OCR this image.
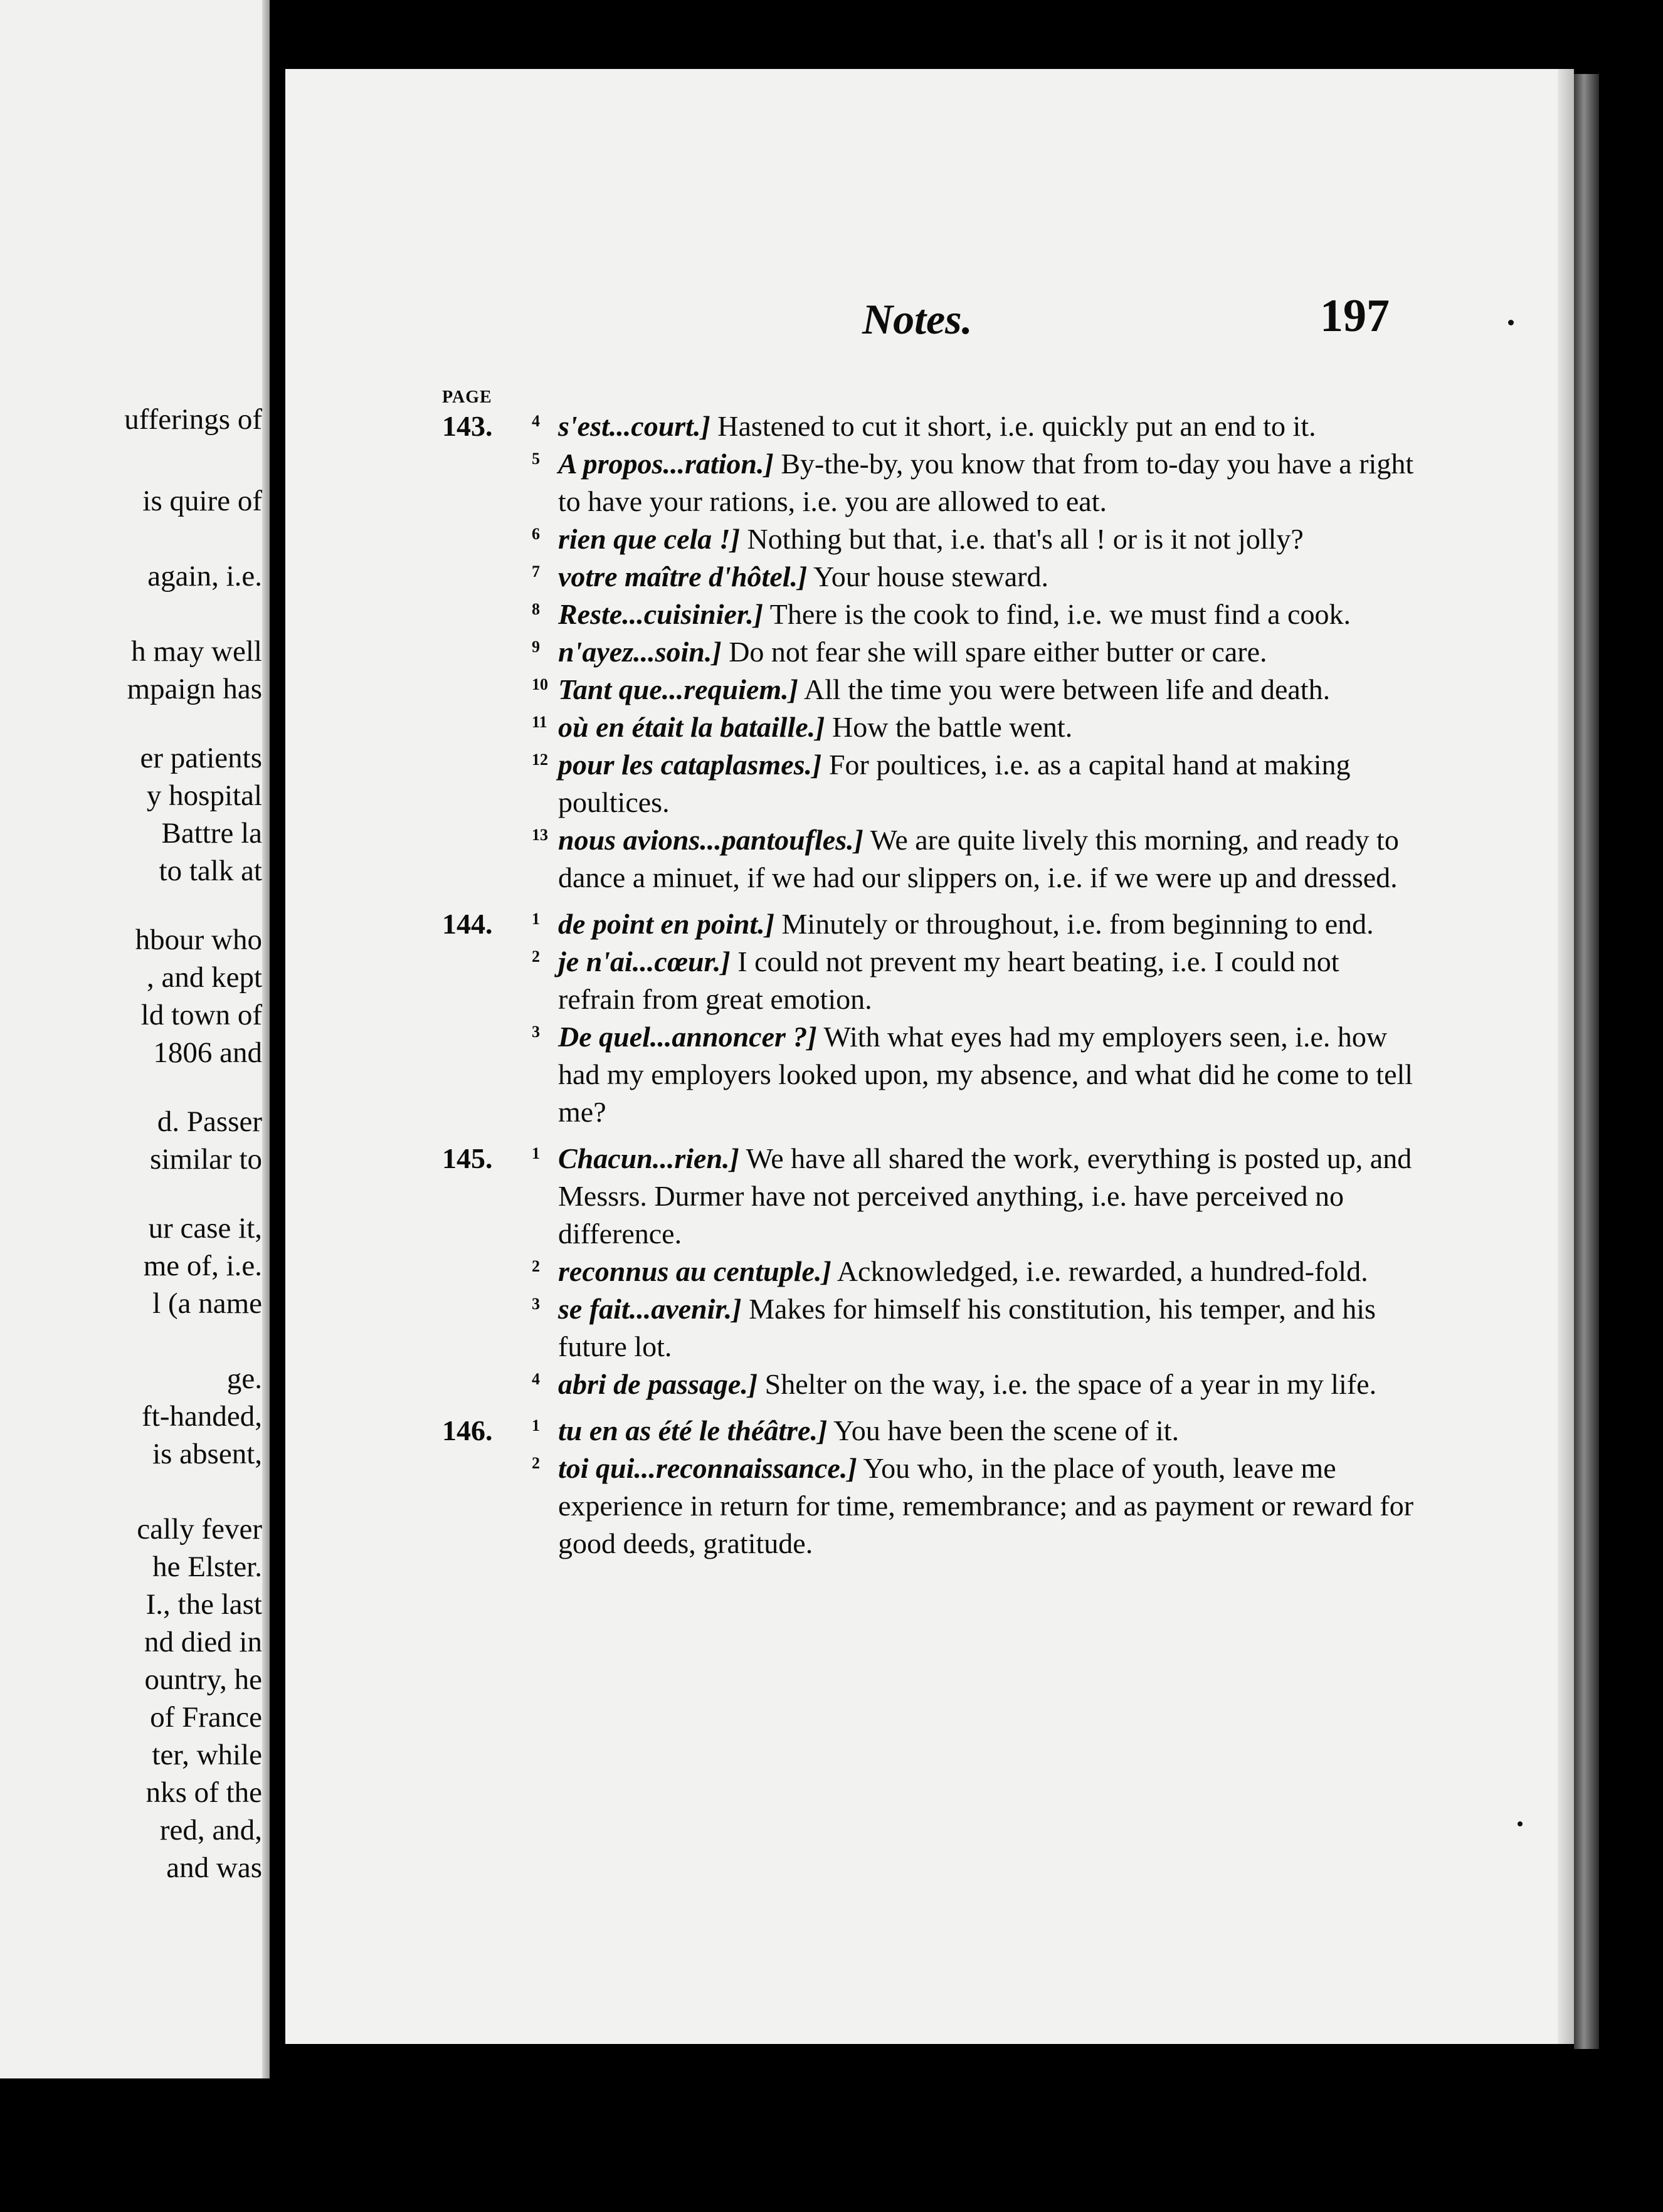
ufferings of
is quire of
again, i.e.
h may well
mpaign has
er patients
y hospital
Battre la
to talk at
hbour who
, and kept
ld town of
1806 and
d. Passer
similar to
ur case it,
me of, i.e.
l (a name
ge.
ft-handed,
is absent,
cally fever
he Elster.
I., the last
nd died in
ountry, he
of France
ter, while
nks of the
red, and,
and was
Notes.	197
PAGE
143. 4 s'est...court.] Hastened to cut it short, i.e. quickly put an end to it.
5 A propos...ration.] By-the-by, you know that from to-day you have a right to have your rations, i.e. you are allowed to eat.
6 rien que cela !] Nothing but that, i.e. that's all ! or is it not jolly?
7 votre maître d'hôtel.] Your house steward.
8 Reste...cuisinier.] There is the cook to find, i.e. we must find a cook.
9 n'ayez...soin.] Do not fear she will spare either butter or care.
10 Tant que...requiem.] All the time you were between life and death.
11 où en était la bataille.] How the battle went.
12 pour les cataplasmes.] For poultices, i.e. as a capital hand at making poultices.
13 nous avions...pantoufles.] We are quite lively this morning, and ready to dance a minuet, if we had our slippers on, i.e. if we were up and dressed.
144. 1 de point en point.] Minutely or throughout, i.e. from beginning to end.
2 je n'ai...cœur.] I could not prevent my heart beating, i.e. I could not refrain from great emotion.
3 De quel...annoncer ?] With what eyes had my employers seen, i.e. how had my employers looked upon, my absence, and what did he come to tell me?
145. 1 Chacun...rien.] We have all shared the work, everything is posted up, and Messrs. Durmer have not perceived anything, i.e. have perceived no difference.
2 reconnus au centuple.] Acknowledged, i.e. rewarded, a hundred-fold.
3 se fait...avenir.] Makes for himself his constitution, his temper, and his future lot.
4 abri de passage.] Shelter on the way, i.e. the space of a year in my life.
146. 1 tu en as été le théâtre.] You have been the scene of it.
2 toi qui...reconnaissance.] You who, in the place of youth, leave me experience in return for time, remembrance; and as payment or reward for good deeds, gratitude.
